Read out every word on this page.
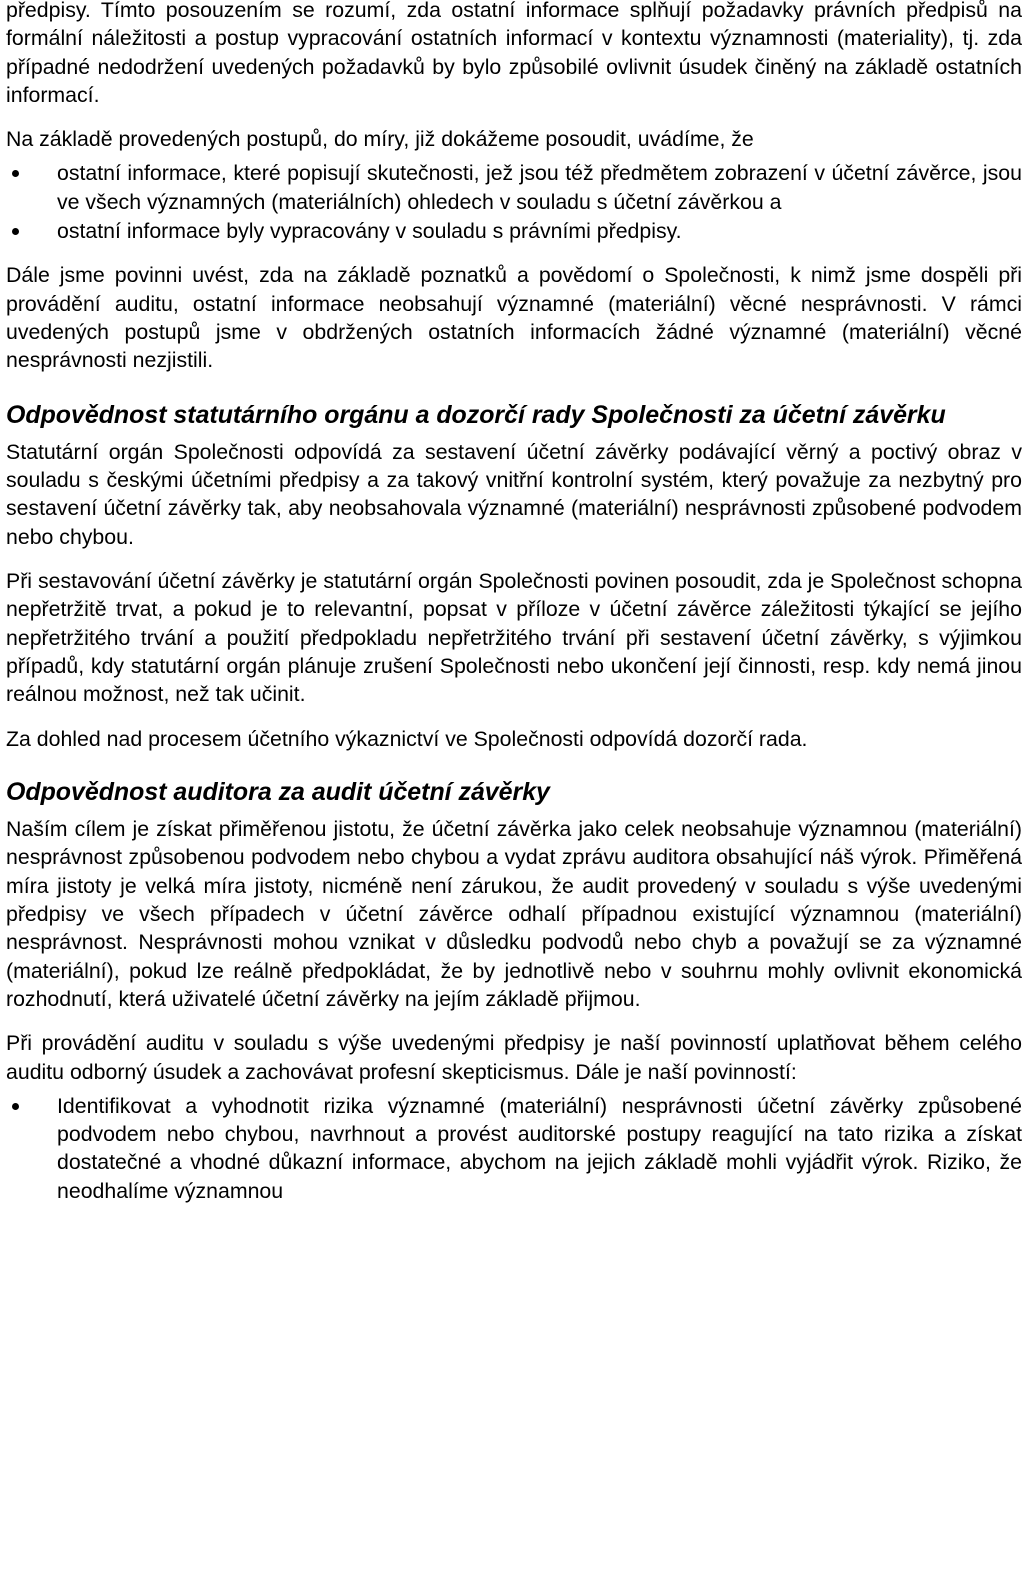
předpisy. Tímto posouzením se rozumí, zda ostatní informace splňují požadavky právních předpisů na formální náležitosti a postup vypracování ostatních informací v kontextu významnosti (materiality), tj. zda případné nedodržení uvedených požadavků by bylo způsobilé ovlivnit úsudek činěný na základě ostatních informací.

Na základě provedených postupů, do míry, již dokážeme posoudit, uvádíme, že

ostatní informace, které popisují skutečnosti, jež jsou též předmětem zobrazení v účetní závěrce, jsou ve všech významných (materiálních) ohledech v souladu s účetní závěrkou a
ostatní informace byly vypracovány v souladu s právními předpisy.

Dále jsme povinni uvést, zda na základě poznatků a povědomí o Společnosti, k nimž jsme dospěli při provádění auditu, ostatní informace neobsahují významné (materiální) věcné nesprávnosti. V rámci uvedených postupů jsme v obdržených ostatních informacích žádné významné (materiální) věcné nesprávnosti nezjistili.

Odpovědnost statutárního orgánu a dozorčí rady Společnosti za účetní závěrku

Statutární orgán Společnosti odpovídá za sestavení účetní závěrky podávající věrný a poctivý obraz v souladu s českými účetními předpisy a za takový vnitřní kontrolní systém, který považuje za nezbytný pro sestavení účetní závěrky tak, aby neobsahovala významné (materiální) nesprávnosti způsobené podvodem nebo chybou.

Při sestavování účetní závěrky je statutární orgán Společnosti povinen posoudit, zda je Společnost schopna nepřetržitě trvat, a pokud je to relevantní, popsat v příloze v účetní závěrce záležitosti týkající se jejího nepřetržitého trvání a použití předpokladu nepřetržitého trvání při sestavení účetní závěrky, s výjimkou případů, kdy statutární orgán plánuje zrušení Společnosti nebo ukončení její činnosti, resp. kdy nemá jinou reálnou možnost, než tak učinit.

Za dohled nad procesem účetního výkaznictví ve Společnosti odpovídá dozorčí rada.

Odpovědnost auditora za audit účetní závěrky

Naším cílem je získat přiměřenou jistotu, že účetní závěrka jako celek neobsahuje významnou (materiální) nesprávnost způsobenou podvodem nebo chybou a vydat zprávu auditora obsahující náš výrok. Přiměřená míra jistoty je velká míra jistoty, nicméně není zárukou, že audit provedený v souladu s výše uvedenými předpisy ve všech případech v účetní závěrce odhalí případnou existující významnou (materiální) nesprávnost. Nesprávnosti mohou vznikat v důsledku podvodů nebo chyb a považují se za významné (materiální), pokud lze reálně předpokládat, že by jednotlivě nebo v souhrnu mohly ovlivnit ekonomická rozhodnutí, která uživatelé účetní závěrky na jejím základě přijmou.

Při provádění auditu v souladu s výše uvedenými předpisy je naší povinností uplatňovat během celého auditu odborný úsudek a zachovávat profesní skepticismus. Dále je naší povinností:

Identifikovat a vyhodnotit rizika významné (materiální) nesprávnosti účetní závěrky způsobené podvodem nebo chybou, navrhnout a provést auditorské postupy reagující na tato rizika a získat dostatečné a vhodné důkazní informace, abychom na jejich základě mohli vyjádřit výrok. Riziko, že neodhalíme významnou
